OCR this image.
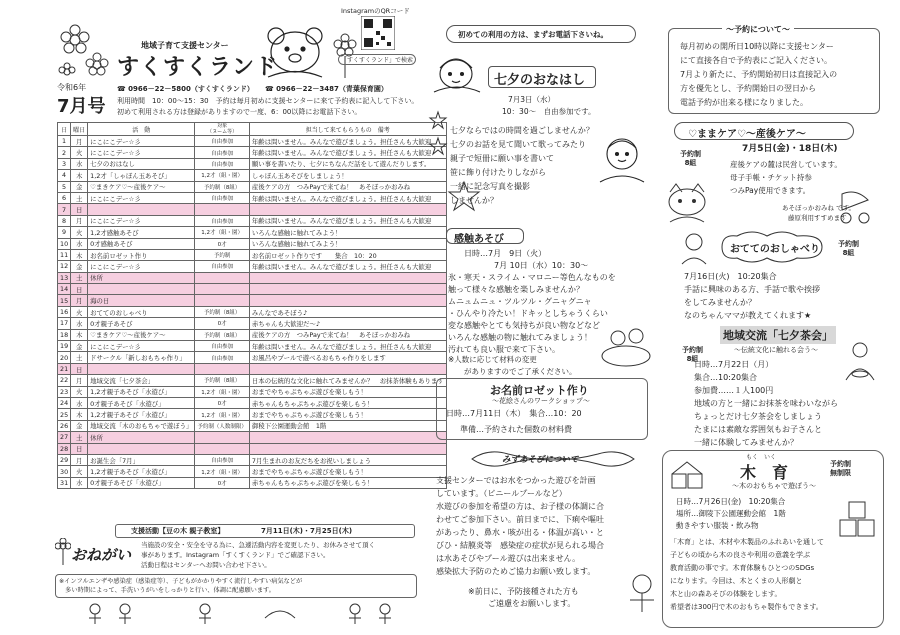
地域子育て支援センター
すくすくランド
InstagramのQRコード
「すくすくランド」で検索
令和6年
7月号
☎ 0966－22－5800（すくすくランド） ☎ 0966－22－3487（青葉保育園）
利用時間　10：00～15：30　予約は毎月初めに支援センターに来て予約表に記入して下さい。
初めて利用される方は登録がありますので一度、6：00以降にお電話下さい。
日	曜日	活　動	対象
（ヌーム等）	担当して来てもらうもの　備考
1	月	にこにこデー☆彡	自由参加	年齢は問いません。みんなで遊びましょう。担任さんも大歓迎
2	火	にこにこデー☆彡	自由参加	年齢は問いません。みんなで遊びましょう。担任さんも大歓迎
3	水	七夕のおはなし	自由参加	願い事を書いたり、七夕にちなんだ話をして遊んだりします。
4	木	1,2才「しゃぼん玉あそび」	1,2才（組・園）	しゃぼん玉あそびをしましょう！
5	金	♡まきケア♡～産後ケア～	予約制（8組）	産後ケアの方　つみPayで来てね！　あそぼっかおみね
6	土	にこにこデー☆彡	自由参加	年齢は問いません。みんなで遊びましょう。担任さんも大歓迎
7	日			
8	月	にこにこデー☆彡	自由参加	年齢は問いません。みんなで遊びましょう。担任さんも大歓迎
9	火	1,2才感触あそび	1,2才（組・園）	いろんな感触に触れてみよう！
10	水	0才感触あそび	0才	いろんな感触に触れてみよう！
11	木	お名前ロゼット作り	予約制	お名前ロゼット作りです　　集合　10：20
12	金	にこにこデー☆彡	自由参加	年齢は問いません。みんなで遊びましょう。担任さんも大歓迎
13	土	休所		
14	日			
15	月	海の日		
16	火	おててのおしゃべり	予約制（8組）	みんなであそぼう♪
17	水	0才親子あそび	0才	赤ちゃんも大歓迎だ～♪
18	木	♡まきケア♡～産後ケア～	予約制（8組）	産後ケアの方　つみPayで来てね！　あそぼっかおみね
19	金	にこにこデー☆彡	自由参加	年齢は問いません。みんなで遊びましょう。担任さんも大歓迎
20	土	ドサークル「新しおもちゃ作り」	自由参加	お風呂やプールで遊べるおもちゃ作りをします
21	日			
22	月	地域交流「七夕茶会」	予約制（8組）	日本の伝統的な文化に触れてみませんか？　お抹茶体験もあります
23	火	1,2才親子あそび「水遊び」	1,2才（組・園）	おまでやちゃぷちゃぷ遊びを楽しもう！
24	水	0才親子あそび「水遊び」	0才	赤ちゃんもちゃぷちゃぷ遊びを楽しもう！
25	木	1,2才親子あそび「水遊び」	1,2才（組・園）	おまでやちゃぷちゃぷ遊びを楽しもう！
26	金	地域交流「木のおもちゃで遊ぼう」	予約制（人数制限）	御稜下公園運動会館　1階
27	土	休所		
28	日			
29	月	お誕生会「7月」	自由参加	7月生まれのお友だちをお祝いしましょう
30	火	1,2才親子あそび「水遊び」	1,2才（組・園）	おまでやちゃぷちゃぷ遊びを楽しもう！
31	水	0才親子あそび「水遊び」	0才	赤ちゃんもちゃぷちゃぷ遊びを楽しもう！
支援活動【豆の木 親子教室】	7月11日(木)・7月25日(木)
おねがい
当施設の安全・安全を守る為に、急遽活動内容を変更したり、お休みさせて頂く
事があります。Instagram「すくすくランド」でご確認下さい。
活動日程はセンターへお問い合わせ下さい。
※インフルエンザや感染症（感染症等）、子どもがかかりやすく流行しやすい病気などが
　多い時期によって、手洗いうがいをしっかりと行い、体調に配慮願います。
初めての利用の方は、まずお電話下さいね。
七夕のおなはし
7月3日（水）
10：30～　自由参加です。
七夕ならではの時間を過ごしませんか？
七夕のお話を見て聞いて歌ってみたり
親子で短冊に願い事を書いて
笹に飾り付けたりしながら
一緒に記念写真を撮影
しませんか？
感触あそび
日時…7月　9日（火）
7月 10日（水）10：30～
氷・寒天・スライム・マロニー等色んなものを
触って様々な感触を楽しみませんか？
ムニュムニュ・ツルツル・グニャグニャ
・ひんやり冷たい！ドキッとしちゃうくらい
変な感触やとても気持ちが良い物などなど
いろんな感触の物に触れてみましょう！
汚れても良い服で来て下さい。
※人数に応じて材料の変更
がありますのでご了承ください。
お名前ロゼット作り
～花絵さんのワークショップ～
日時…7月11日（木）　集合…10：20
準備…予約された個数の材料費
みずあそびについて
支援センターではお水をつかった遊びを計画
しています。（ビニールプールなど）
水遊びの参加を希望の方は、お子様の体調に合
わせてご参加下さい。前日までに、下痢や嘔吐
があったり、鼻水・咳が出る・体温が高い・と
びひ・結膜炎等　感染症の症状が見られる場合
は水あそびやプール遊びは出来ません。
感染拡大予防のためご協力お願い致します。
※前日に、予防接種された方も
ご遠慮をお願いします。
～予約について～
毎月初めの開所日10時以降に支援センター
にて直接各自で予約表にご記入ください。
7月より新たに、予約開始初日は直接記入の
方を優先とし、予約開始日の翌日から
電話予約が出来る様になりました。
♡ままケア♡～産後ケア～
7月5日(金)・18日(木)
予約制
8組	産後ケアの麓は民営しています。
母子手帳・チケット持参
つみPay使用できます。
あそぼっかおみね です。
藤原利用すすめます
おててのおしゃべり	予約制
8組
7月16日(火)　10:20集合
手話に興味のある方、手話で歌や挨拶
をしてみませんか？
なのちゃんママが教えてくれます★
地域交流「七夕茶会」
～伝統文化に触れる会う～
予約制
8組
日時…7月22日（月）
集合…10:20集合
参加費……１人100円
地域の方と一緒にお抹茶を味わいながら
ちょっとだけ七夕茶会をしましょう
たまには素敵な雰囲気もお子さんと
一緒に体験してみませんか？
もく　いく
木　育
～木のおもちゃで遊ぼう～
予約制
無制限
日時…7月26日(金)　10:20集合
場所…御陵下公園運動会館　1階
動きやすい服装・飲み物
「木育」とは、木材や木製品のふれあいを通して
子どもの頃から木の良さや利用の意義を学ぶ
教育活動の事です。木育体験もひとつのSDGs
になります。今回は、木とくまの人形劇と
木と山の森あそびの体験をします。
希望者は300円で木のおもちゃ製作もできます。
